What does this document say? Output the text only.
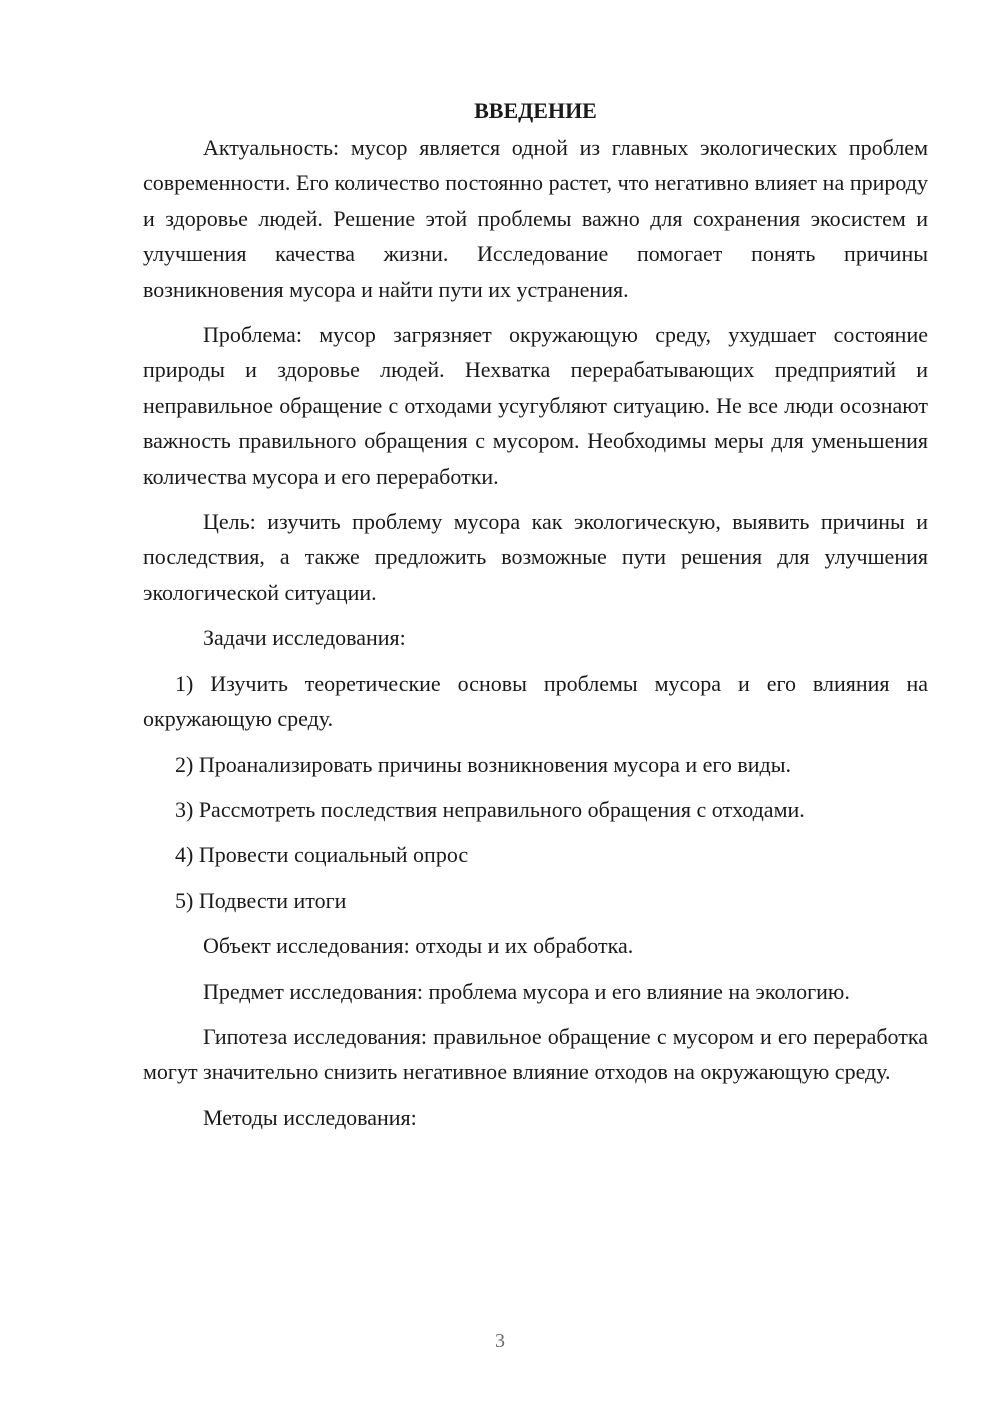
ВВЕДЕНИЕ

Актуальность: мусор является одной из главных экологических проблем современности. Его количество постоянно растет, что негативно влияет на природу и здоровье людей. Решение этой проблемы важно для сохранения экосистем и улучшения качества жизни. Исследование помогает понять причины возникновения мусора и найти пути их устранения.

Проблема: мусор загрязняет окружающую среду, ухудшает состояние природы и здоровье людей. Нехватка перерабатывающих предприятий и неправильное обращение с отходами усугубляют ситуацию. Не все люди осознают важность правильного обращения с мусором. Необходимы меры для уменьшения количества мусора и его переработки.

Цель: изучить проблему мусора как экологическую, выявить причины и последствия, а также предложить возможные пути решения для улучшения экологической ситуации.

Задачи исследования:

1) Изучить теоретические основы проблемы мусора и его влияния на окружающую среду.

2) Проанализировать причины возникновения мусора и его виды.

3) Рассмотреть последствия неправильного обращения с отходами.

4) Провести социальный опрос

5) Подвести итоги

Объект исследования: отходы и их обработка.

Предмет исследования: проблема мусора и его влияние на экологию.

Гипотеза исследования: правильное обращение с мусором и его переработка могут значительно снизить негативное влияние отходов на окружающую среду.

Методы исследования:

3
